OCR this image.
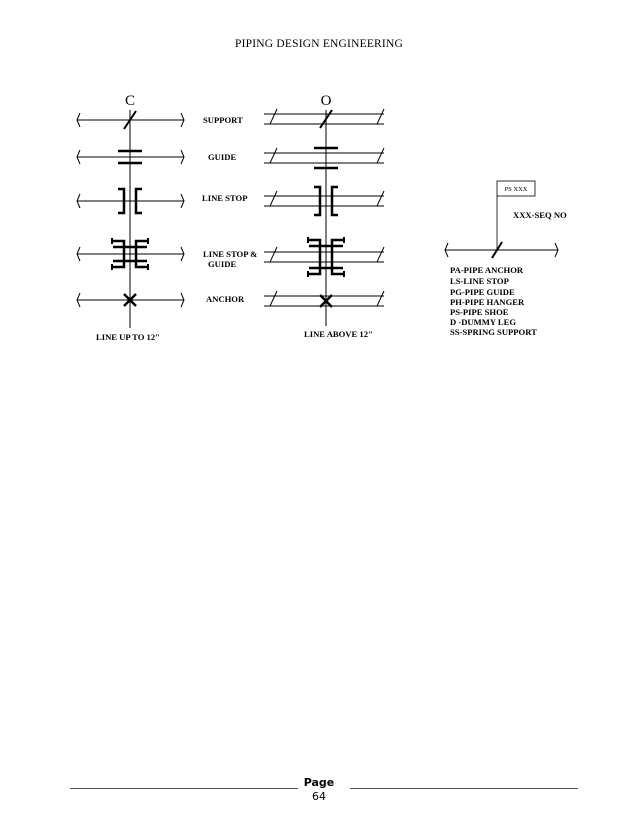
PIPING DESIGN ENGINEERING
C	O
SUPPORT
GUIDE
LINE STOP
LINE STOP &
GUIDE
ANCHOR
LINE UP TO 12"	LINE ABOVE 12"
PS XXX
XXX-SEQ NO
PA-PIPE ANCHOR
LS-LINE STOP
PG-PIPE GUIDE
PH-PIPE HANGER
PS-PIPE SHOE
D -DUMMY LEG
SS-SPRING SUPPORT
Page
64
